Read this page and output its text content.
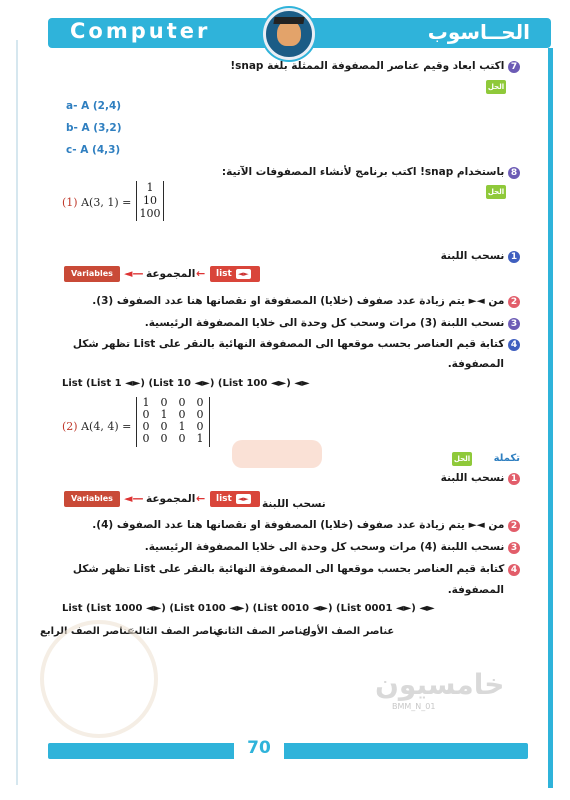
Computer	الحــاسوب
7 اكتب ابعاد وقيم عناصر المصفوفة الممثلة بلغة snap!
الحل
a- A (2,4)
b- A (3,2)
c- A (4,3)
8 باستخدام snap! اكتب برنامج لأنشاء المصفوفات الآتية:
الحل
(1) A(3, 1) =
1
10
100
1 نسحب اللبنة
Variables	◄— المجموعة ←	list ◄►
2 من ◄► يتم زيادة عدد صفوف (خلايا) المصفوفة او نقصانها هنا عدد الصفوف (3).
3 نسحب اللبنة (3) مرات وسحب كل وحدة الى خلايا المصفوفة الرئيسية.
4 كتابة قيم العناصر بحسب موقعها الى المصفوفة النهائية بالنقر على List تظهر شكل
المصفوفة.
List (List 1 ◄►) (List 10 ◄►) (List 100 ◄►) ◄►
(2) A(4, 4) =
1	0	0	0
0	1	0	0
0	0	1	0
0	0	0	1
تكملة
الحل
1 نسحب اللبنة
Variables	◄— المجموعة ←	list ◄►	نسحب اللبنة
2 من ◄► يتم زيادة عدد صفوف (خلايا) المصفوفة او نقصانها هنا عدد الصفوف (4).
3 نسحب اللبنة (4) مرات وسحب كل وحدة الى خلايا المصفوفة الرئيسية.
4 كتابة قيم العناصر بحسب موقعها الى المصفوفة النهائية بالنقر على List تظهر شكل
المصفوفة.
List (List 1000 ◄►) (List 0100 ◄►) (List 0010 ◄►) (List 0001 ◄►) ◄►
عناصر الصف الأول
عناصر الصف الثاني
عناصر الصف الثالث
عناصر الصف الرابع
خامسيون
BMM_N_01
70
